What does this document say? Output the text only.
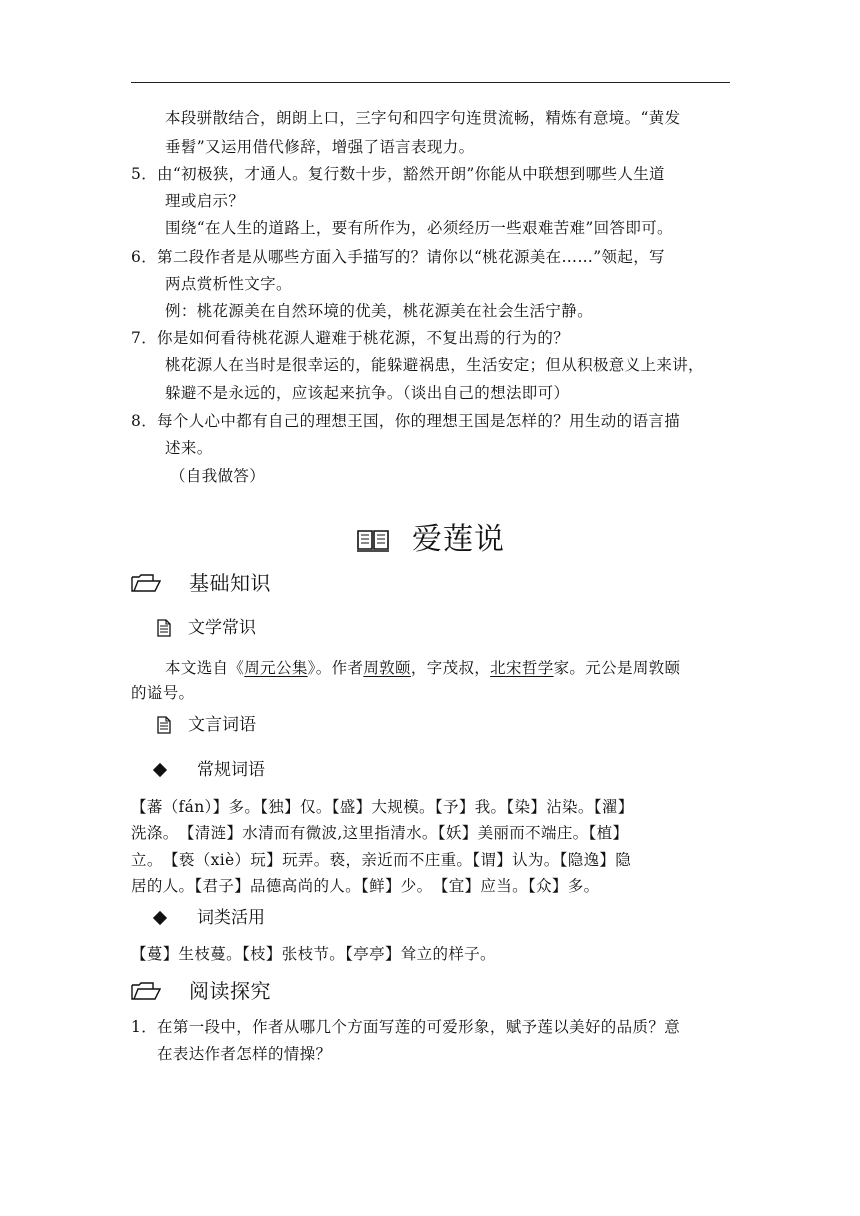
本段骈散结合，朗朗上口，三字句和四字句连贯流畅，精炼有意境。“黄发
垂髫”又运用借代修辞，增强了语言表现力。
5．由“初极狭，才通人。复行数十步，豁然开朗”你能从中联想到哪些人生道
理或启示？
围绕“在人生的道路上，要有所作为，必须经历一些艰难苦难”回答即可。
6．第二段作者是从哪些方面入手描写的？请你以“桃花源美在……”领起，写
两点赏析性文字。
例：桃花源美在自然环境的优美，桃花源美在社会生活宁静。
7．你是如何看待桃花源人避难于桃花源，不复出焉的行为的？
桃花源人在当时是很幸运的，能躲避祸患，生活安定；但从积极意义上来讲，
躲避不是永远的，应该起来抗争。（谈出自己的想法即可）
8．每个人心中都有自己的理想王国，你的理想王国是怎样的？用生动的语言描
述来。
（自我做答）
爱莲说
基础知识
文学常识
本文选自《周元公集》。作者周敦颐，字茂叔，北宋哲学家。元公是周敦颐
的谥号。
文言词语
常规词语
【蕃（fán）】多。【独】仅。【盛】大规模。【予】我。【染】沾染。【濯】
洗涤。　【清涟】水清而有微波,这里指清水。【妖】美丽而不端庄。【植】
立。　【亵（xiè）玩】玩弄。亵，亲近而不庄重。【谓】认为。【隐逸】隐
居的人。【君子】品德高尚的人。【鲜】少。　【宜】应当。【众】多。
词类活用
【蔓】生枝蔓。【枝】张枝节。【亭亭】耸立的样子。
阅读探究
1．在第一段中，作者从哪几个方面写莲的可爱形象，赋予莲以美好的品质？意
在表达作者怎样的情操？
